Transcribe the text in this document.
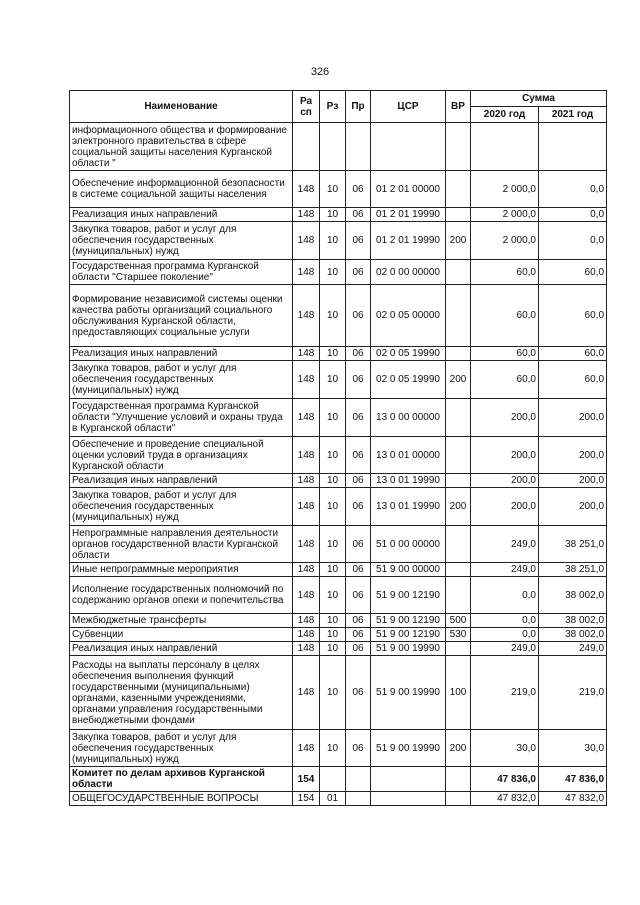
326
Наименование	Ра сп	Рз	Пр	ЦСР	ВР	Сумма	
						2020 год	2021 год
информационного общества и формирование электронного правительства в сфере социальной защиты населения Курганской области "							
Обеспечение информационной безопасности в системе социальной защиты населения	148	10	06	01 2 01 00000		2 000,0	0,0
Реализация иных направлений	148	10	06	01 2 01 19990		2 000,0	0,0
Закупка товаров, работ и услуг для обеспечения государственных (муниципальных) нужд	148	10	06	01 2 01 19990	200	2 000,0	0,0
Государственная программа Курганской области "Старшее поколение"	148	10	06	02 0 00 00000		60,0	60,0
Формирование независимой системы оценки качества работы организаций социального обслуживания Курганской области, предоставляющих социальные услуги	148	10	06	02 0 05 00000		60,0	60,0
Реализация иных направлений	148	10	06	02 0 05 19990		60,0	60,0
Закупка товаров, работ и услуг для обеспечения государственных (муниципальных) нужд	148	10	06	02 0 05 19990	200	60,0	60,0
Государственная программа Курганской области "Улучшение условий и охраны труда в Курганской области"	148	10	06	13 0 00 00000		200,0	200,0
Обеспечение и проведение специальной оценки условий труда в организациях Курганской области	148	10	06	13 0 01 00000		200,0	200,0
Реализация иных направлений	148	10	06	13 0 01 19990		200,0	200,0
Закупка товаров, работ и услуг для обеспечения государственных (муниципальных) нужд	148	10	06	13 0 01 19990	200	200,0	200,0
Непрограммные направления деятельности органов государственной власти Курганской области	148	10	06	51 0 00 00000		249,0	38 251,0
Иные непрограммные мероприятия	148	10	06	51 9 00 00000		249,0	38 251,0
Исполнение государственных полномочий по содержанию органов опеки и попечительства	148	10	06	51 9 00 12190		0,0	38 002,0
Межбюджетные трансферты	148	10	06	51 9 00 12190	500	0,0	38 002,0
Субвенции	148	10	06	51 9 00 12190	530	0,0	38 002,0
Реализация иных направлений	148	10	06	51 9 00 19990		249,0	249,0
Расходы на выплаты персоналу в целях обеспечения выполнения функций государственными (муниципальными) органами, казенными учреждениями, органами управления государственными внебюджетными фондами	148	10	06	51 9 00 19990	100	219,0	219,0
Закупка товаров, работ и услуг для обеспечения государственных (муниципальных) нужд	148	10	06	51 9 00 19990	200	30,0	30,0
Комитет по делам архивов Курганской области	154					47 836,0	47 836,0
ОБЩЕГОСУДАРСТВЕННЫЕ ВОПРОСЫ	154	01				47 832,0	47 832,0
